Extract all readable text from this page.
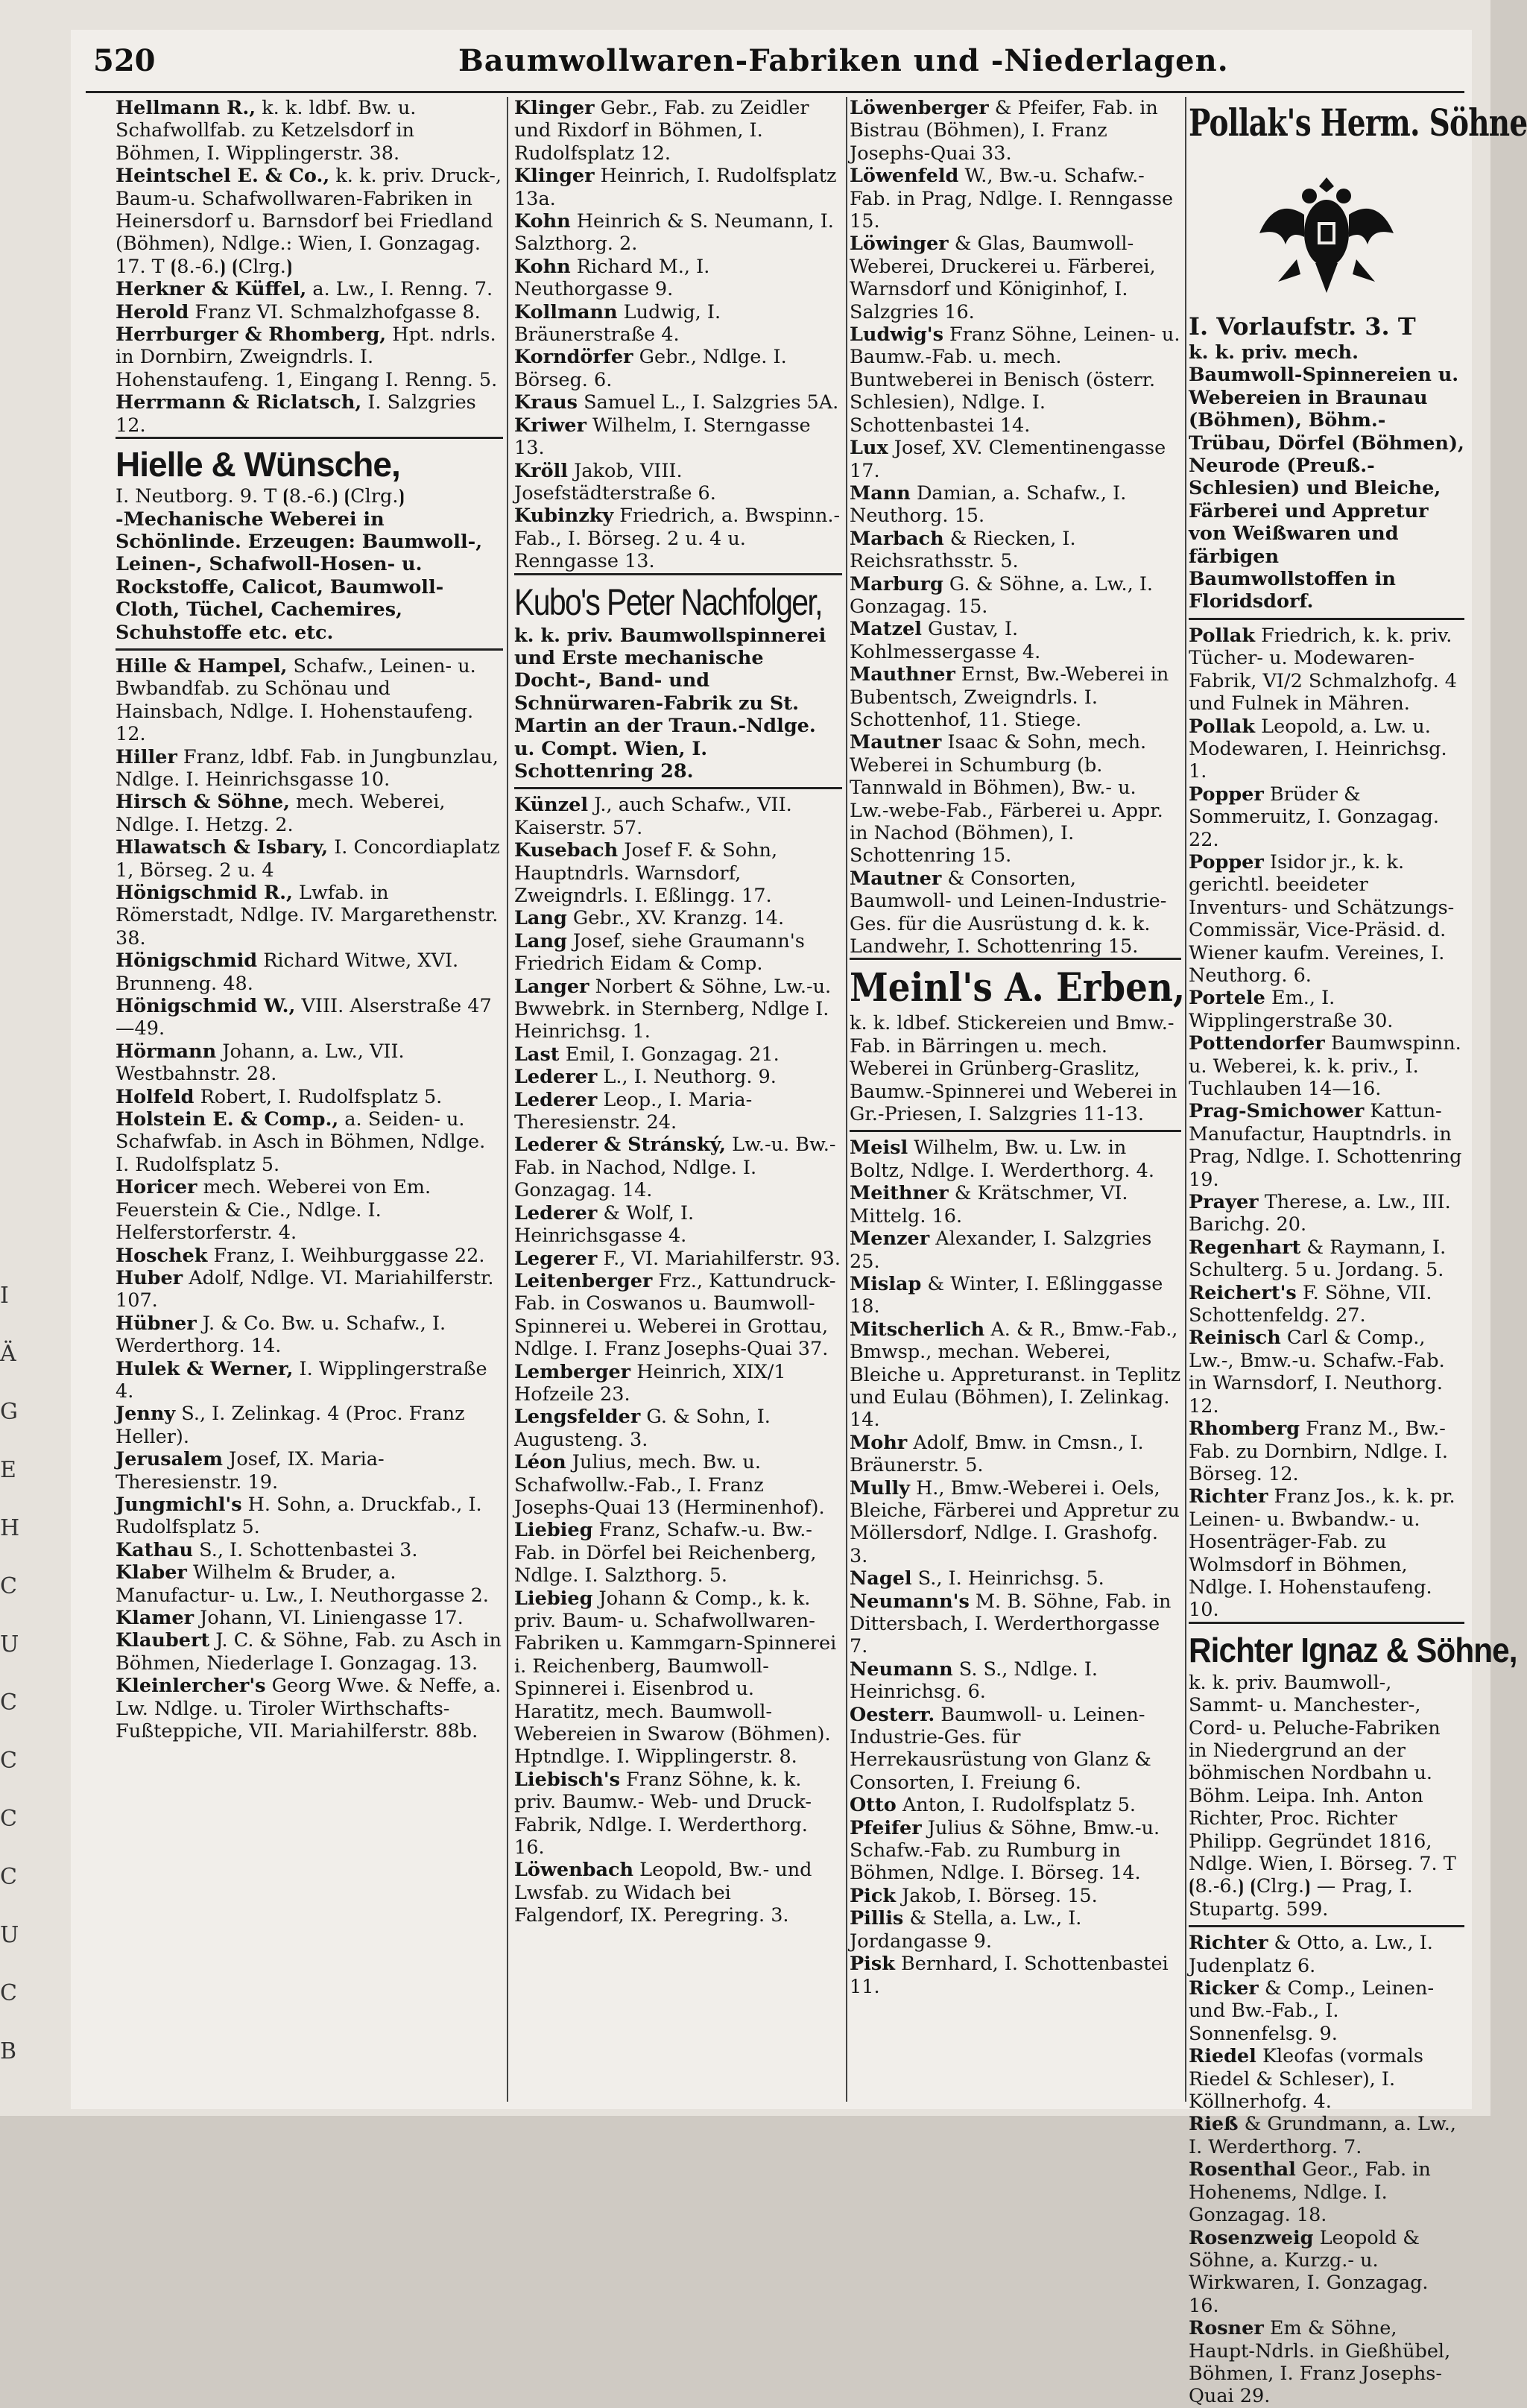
520	Baumwollwaren-Fabriken und -Niederlagen.
Hellmann R., k. k. ldbf. Bw. u. Schafwollfab. zu Ketzelsdorf in Böhmen, I. Wipplingerstr. 38.
Heintschel E. & Co., k. k. priv. Druck-, Baum-u. Schafwollwaren-Fabriken in Heinersdorf u. Barnsdorf bei Friedland (Böhmen), Ndlge.: Wien, I. Gonzagag. 17. T ⦗8.-6.⦘ ⦗Clrg.⦘
Herkner & Küffel, a. Lw., I. Renng. 7.
Herold Franz VI. Schmalzhofgasse 8.
Herrburger & Rhomberg, Hpt. ndrls. in Dornbirn, Zweigndrls. I. Hohenstaufeng. 1, Eingang I. Renng. 5.
Herrmann & Riclatsch, I. Salzgries 12.
Hielle & Wünsche,
I. Neutborg. 9. T ⦗8.-6.⦘ ⦗Clrg.⦘
-Mechanische Weberei in Schönlinde. Erzeugen: Baumwoll-, Leinen-, Schafwoll-Hosen- u. Rockstoffe, Calicot, Baumwoll-Cloth, Tüchel, Cachemires, Schuhstoffe etc. etc.
Hille & Hampel, Schafw., Leinen- u. Bwbandfab. zu Schönau und Hainsbach, Ndlge. I. Hohenstaufeng. 12.
Hiller Franz, ldbf. Fab. in Jungbunzlau, Ndlge. I. Heinrichsgasse 10.
Hirsch & Söhne, mech. Weberei, Ndlge. I. Hetzg. 2.
Hlawatsch & Isbary, I. Concordiaplatz 1, Börseg. 2 u. 4
Hönigschmid R., Lwfab. in Römerstadt, Ndlge. IV. Margarethenstr. 38.
Hönigschmid Richard Witwe, XVI. Brunneng. 48.
Hönigschmid W., VIII. Alserstraße 47—49.
Hörmann Johann, a. Lw., VII. Westbahnstr. 28.
Holfeld Robert, I. Rudolfsplatz 5.
Holstein E. & Comp., a. Seiden- u. Schafwfab. in Asch in Böhmen, Ndlge. I. Rudolfsplatz 5.
Horicer mech. Weberei von Em. Feuerstein & Cie., Ndlge. I. Helferstorferstr. 4.
Hoschek Franz, I. Weihburggasse 22.
Huber Adolf, Ndlge. VI. Mariahilferstr. 107.
Hübner J. & Co. Bw. u. Schafw., I. Werderthorg. 14.
Hulek & Werner, I. Wipplingerstraße 4.
Jenny S., I. Zelinkag. 4 (Proc. Franz Heller).
Jerusalem Josef, IX. Maria-Theresienstr. 19.
Jungmichl's H. Sohn, a. Druckfab., I. Rudolfsplatz 5.
Kathau S., I. Schottenbastei 3.
Klaber Wilhelm & Bruder, a. Manufactur- u. Lw., I. Neuthorgasse 2.
Klamer Johann, VI. Liniengasse 17.
Klaubert J. C. & Söhne, Fab. zu Asch in Böhmen, Niederlage I. Gonzagag. 13.
Kleinlercher's Georg Wwe. & Neffe, a. Lw. Ndlge. u. Tiroler Wirthschafts-Fußteppiche, VII. Mariahilferstr. 88b.
Klinger Gebr., Fab. zu Zeidler und Rixdorf in Böhmen, I. Rudolfsplatz 12.
Klinger Heinrich, I. Rudolfsplatz 13a.
Kohn Heinrich & S. Neumann, I. Salzthorg. 2.
Kohn Richard M., I. Neuthorgasse 9.
Kollmann Ludwig, I. Bräunerstraße 4.
Korndörfer Gebr., Ndlge. I. Börseg. 6.
Kraus Samuel L., I. Salzgries 5A.
Kriwer Wilhelm, I. Sterngasse 13.
Kröll Jakob, VIII. Josefstädterstraße 6.
Kubinzky Friedrich, a. Bwspinn.-Fab., I. Börseg. 2 u. 4 u. Renngasse 13.
Kubo's Peter Nachfolger,
k. k. priv. Baumwollspinnerei und Erste mechanische Docht-, Band- und Schnürwaren-Fabrik zu St. Martin an der Traun.-Ndlge. u. Compt. Wien, I. Schottenring 28.
Künzel J., auch Schafw., VII. Kaiserstr. 57.
Kusebach Josef F. & Sohn, Hauptndrls. Warnsdorf, Zweigndrls. I. Eßlingg. 17.
Lang Gebr., XV. Kranzg. 14.
Lang Josef, siehe Graumann's Friedrich Eidam & Comp.
Langer Norbert & Söhne, Lw.-u. Bwwebrk. in Sternberg, Ndlge I. Heinrichsg. 1.
Last Emil, I. Gonzagag. 21.
Lederer L., I. Neuthorg. 9.
Lederer Leop., I. Maria-Theresienstr. 24.
Lederer & Stránský, Lw.-u. Bw.-Fab. in Nachod, Ndlge. I. Gonzagag. 14.
Lederer & Wolf, I. Heinrichsgasse 4.
Legerer F., VI. Mariahilferstr. 93.
Leitenberger Frz., Kattundruck-Fab. in Coswanos u. Baumwoll-Spinnerei u. Weberei in Grottau, Ndlge. I. Franz Josephs-Quai 37.
Lemberger Heinrich, XIX/1 Hofzeile 23.
Lengsfelder G. & Sohn, I. Augusteng. 3.
Léon Julius, mech. Bw. u. Schafwollw.-Fab., I. Franz Josephs-Quai 13 (Herminenhof).
Liebieg Franz, Schafw.-u. Bw.-Fab. in Dörfel bei Reichenberg, Ndlge. I. Salzthorg. 5.
Liebieg Johann & Comp., k. k. priv. Baum- u. Schafwollwaren-Fabriken u. Kammgarn-Spinnerei i. Reichenberg, Baumwoll-Spinnerei i. Eisenbrod u. Haratitz, mech. Baumwoll-Webereien in Swarow (Böhmen). Hptndlge. I. Wipplingerstr. 8.
Liebisch's Franz Söhne, k. k. priv. Baumw.- Web- und Druck-Fabrik, Ndlge. I. Werderthorg. 16.
Löwenbach Leopold, Bw.- und Lwsfab. zu Widach bei Falgendorf, IX. Peregring. 3.
Löwenberger & Pfeifer, Fab. in Bistrau (Böhmen), I. Franz Josephs-Quai 33.
Löwenfeld W., Bw.-u. Schafw.-Fab. in Prag, Ndlge. I. Renngasse 15.
Löwinger & Glas, Baumwoll-Weberei, Druckerei u. Färberei, Warnsdorf und Königinhof, I. Salzgries 16.
Ludwig's Franz Söhne, Leinen- u. Baumw.-Fab. u. mech. Buntweberei in Benisch (österr. Schlesien), Ndlge. I. Schottenbastei 14.
Lux Josef, XV. Clementinengasse 17.
Mann Damian, a. Schafw., I. Neuthorg. 15.
Marbach & Riecken, I. Reichsrathsstr. 5.
Marburg G. & Söhne, a. Lw., I. Gonzagag. 15.
Matzel Gustav, I. Kohlmessergasse 4.
Mauthner Ernst, Bw.-Weberei in Bubentsch, Zweigndrls. I. Schottenhof, 11. Stiege.
Mautner Isaac & Sohn, mech. Weberei in Schumburg (b. Tannwald in Böhmen), Bw.- u. Lw.-webe-Fab., Färberei u. Appr. in Nachod (Böhmen), I. Schottenring 15.
Mautner & Consorten, Baumwoll- und Leinen-Industrie-Ges. für die Ausrüstung d. k. k. Landwehr, I. Schottenring 15.
Meinl's A. Erben,
k. k. ldbef. Stickereien und Bmw.-Fab. in Bärringen u. mech. Weberei in Grünberg-Graslitz, Baumw.-Spinnerei und Weberei in Gr.-Priesen, I. Salzgries 11-13.
Meisl Wilhelm, Bw. u. Lw. in Boltz, Ndlge. I. Werderthorg. 4.
Meithner & Krätschmer, VI. Mittelg. 16.
Menzer Alexander, I. Salzgries 25.
Mislap & Winter, I. Eßlinggasse 18.
Mitscherlich A. & R., Bmw.-Fab., Bmwsp., mechan. Weberei, Bleiche u. Appreturanst. in Teplitz und Eulau (Böhmen), I. Zelinkag. 14.
Mohr Adolf, Bmw. in Cmsn., I. Bräunerstr. 5.
Mully H., Bmw.-Weberei i. Oels, Bleiche, Färberei und Appretur zu Möllersdorf, Ndlge. I. Grashofg. 3.
Nagel S., I. Heinrichsg. 5.
Neumann's M. B. Söhne, Fab. in Dittersbach, I. Werderthorgasse 7.
Neumann S. S., Ndlge. I. Heinrichsg. 6.
Oesterr. Baumwoll- u. Leinen-Industrie-Ges. für Herrekausrüstung von Glanz & Consorten, I. Freiung 6.
Otto Anton, I. Rudolfsplatz 5.
Pfeifer Julius & Söhne, Bmw.-u. Schafw.-Fab. zu Rumburg in Böhmen, Ndlge. I. Börseg. 14.
Pick Jakob, I. Börseg. 15.
Pillis & Stella, a. Lw., I. Jordangasse 9.
Pisk Bernhard, I. Schottenbastei 11.
Pollak's Herm. Söhne
I. Vorlaufstr. 3. T
k. k. priv. mech. Baumwoll-Spinnereien u. Webereien in Braunau (Böhmen), Böhm.-Trübau, Dörfel (Böhmen), Neurode (Preuß.-Schlesien) und Bleiche, Färberei und Appretur von Weißwaren und färbigen Baumwollstoffen in Floridsdorf.
Pollak Friedrich, k. k. priv. Tücher- u. Modewaren-Fabrik, VI/2 Schmalzhofg. 4 und Fulnek in Mähren.
Pollak Leopold, a. Lw. u. Modewaren, I. Heinrichsg. 1.
Popper Brüder & Sommeruitz, I. Gonzagag. 22.
Popper Isidor jr., k. k. gerichtl. beeideter Inventurs- und Schätzungs-Commissär, Vice-Präsid. d. Wiener kaufm. Vereines, I. Neuthorg. 6.
Portele Em., I. Wipplingerstraße 30.
Pottendorfer Baumwspinn. u. Weberei, k. k. priv., I. Tuchlauben 14—16.
Prag-Smichower Kattun-Manufactur, Hauptndrls. in Prag, Ndlge. I. Schottenring 19.
Prayer Therese, a. Lw., III. Barichg. 20.
Regenhart & Raymann, I. Schulterg. 5 u. Jordang. 5.
Reichert's F. Söhne, VII. Schottenfeldg. 27.
Reinisch Carl & Comp., Lw.-, Bmw.-u. Schafw.-Fab. in Warnsdorf, I. Neuthorg. 12.
Rhomberg Franz M., Bw.-Fab. zu Dornbirn, Ndlge. I. Börseg. 12.
Richter Franz Jos., k. k. pr. Leinen- u. Bwbandw.- u. Hosenträger-Fab. zu Wolmsdorf in Böhmen, Ndlge. I. Hohenstaufeng. 10.
Richter Ignaz & Söhne,
k. k. priv. Baumwoll-, Sammt- u. Manchester-, Cord- u. Peluche-Fabriken in Niedergrund an der böhmischen Nordbahn u. Böhm. Leipa. Inh. Anton Richter, Proc. Richter Philipp. Gegründet 1816, Ndlge. Wien, I. Börseg. 7. T ⦗8.-6.⦘ ⦗Clrg.⦘ — Prag, I. Stupartg. 599.
Richter & Otto, a. Lw., I. Judenplatz 6.
Ricker & Comp., Leinen- und Bw.-Fab., I. Sonnenfelsg. 9.
Riedel Kleofas (vormals Riedel & Schleser), I. Köllnerhofg. 4.
Rieß & Grundmann, a. Lw., I. Werderthorg. 7.
Rosenthal Geor., Fab. in Hohenems, Ndlge. I. Gonzagag. 18.
Rosenzweig Leopold & Söhne, a. Kurzg.- u. Wirkwaren, I. Gonzagag. 16.
Rosner Em & Söhne, Haupt-Ndrls. in Gießhübel, Böhmen, I. Franz Josephs-Quai 29.
I
Ä
G
E
H
C
U
C
C
C
C
U
C
B
